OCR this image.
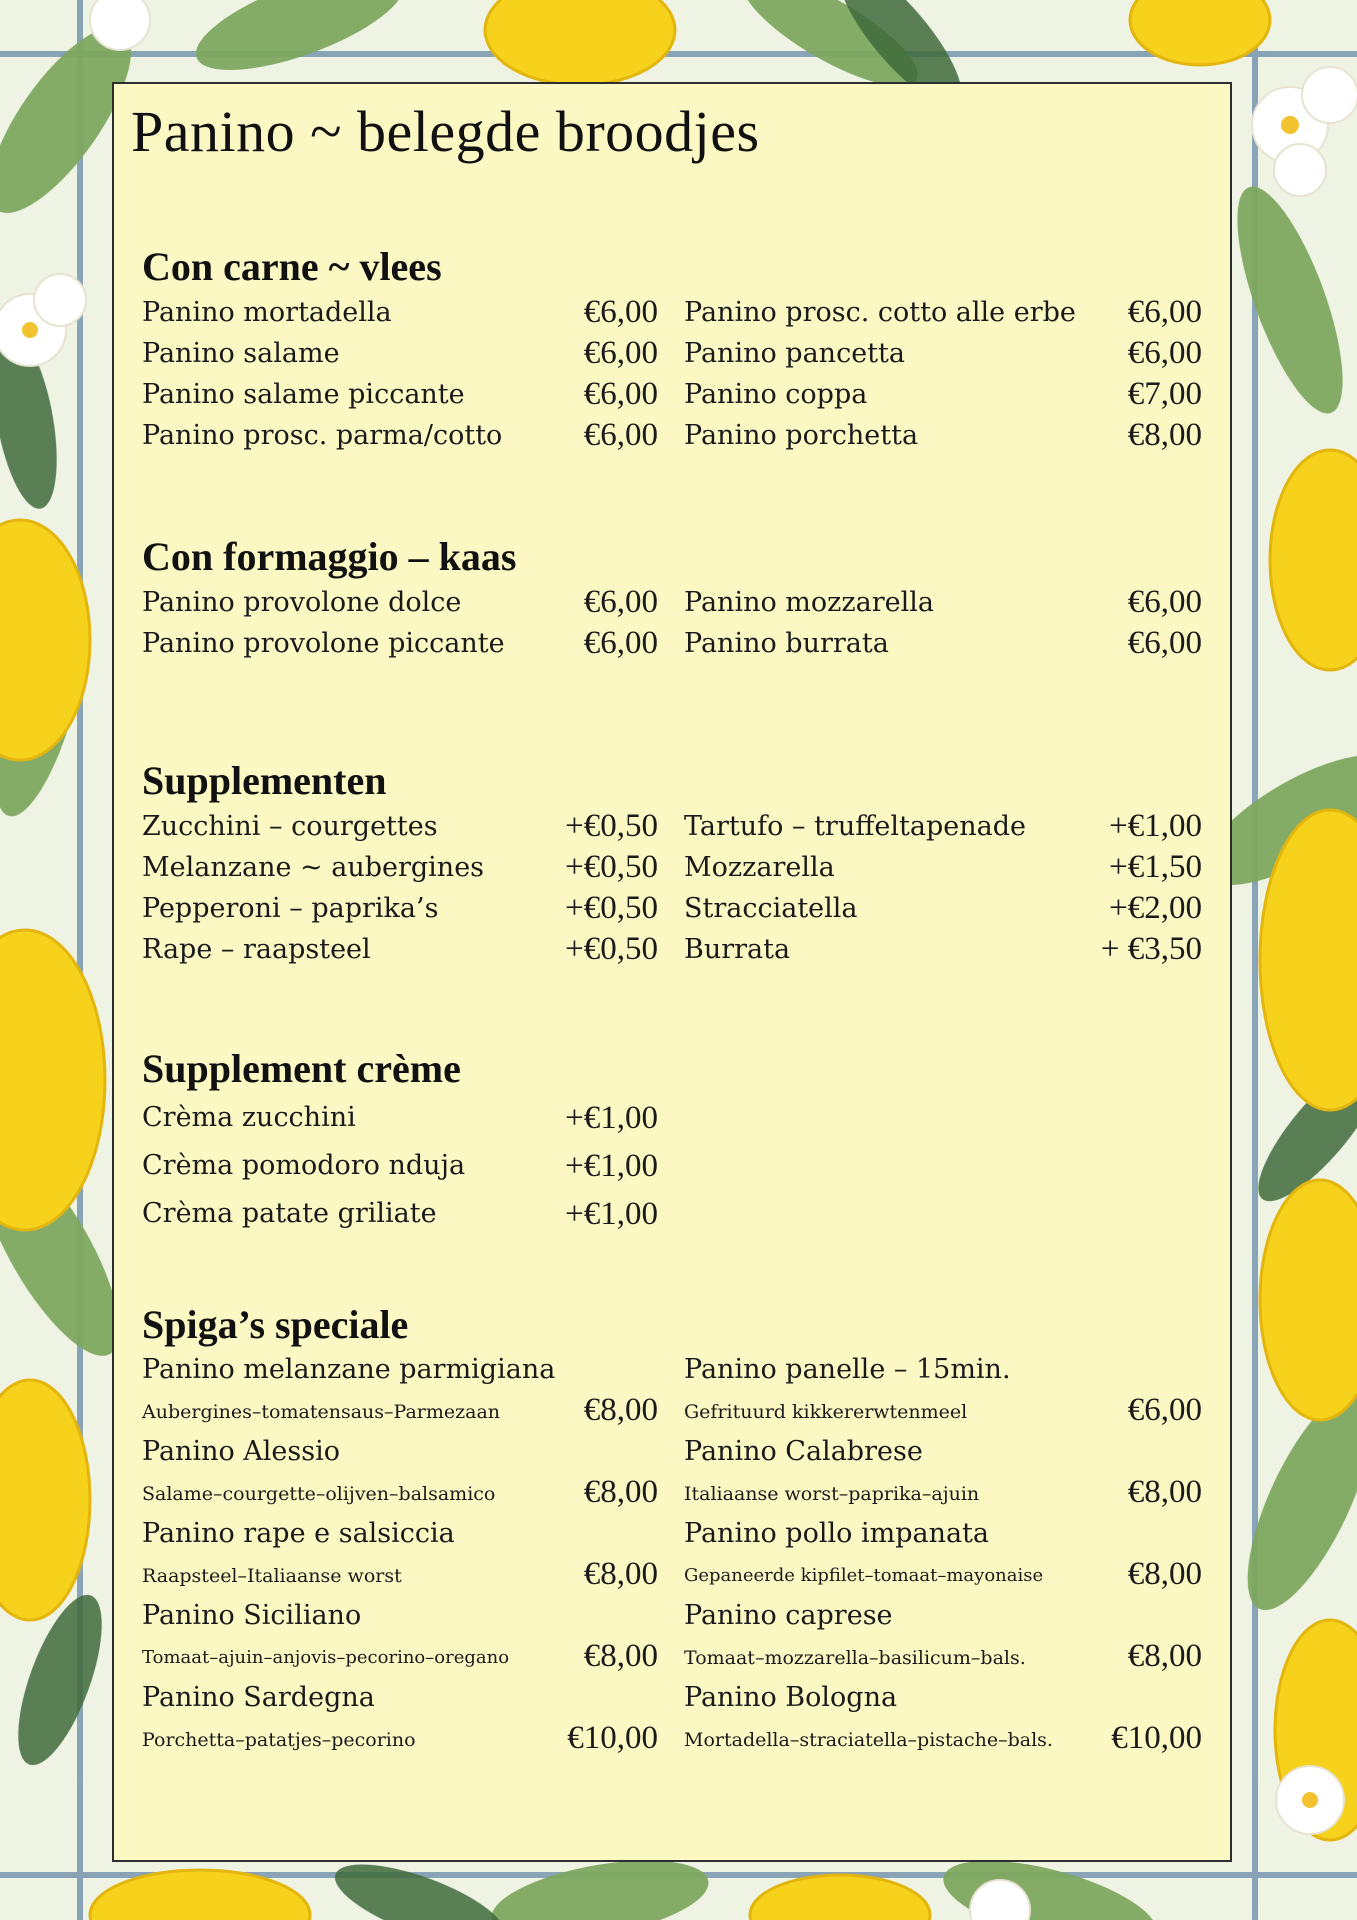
Panino ~ belegde broodjes
Con carne ~ vlees
Panino mortadella	€6,00
Panino salame	€6,00
Panino salame piccante	€6,00
Panino prosc. parma/cotto €6,00
Panino prosc. cotto alle erbe €6,00
Panino pancetta	€6,00
Panino coppa	€7,00
Panino porchetta	€8,00
Con formaggio – kaas
Panino provolone dolce	€6,00
Panino provolone piccante €6,00
Panino mozzarella	€6,00
Panino burrata	€6,00
Supplementen
Zucchini – courgettes	+€0,50
Melanzane ~ aubergines +€0,50
Pepperoni – paprika’s	+€0,50
Rape – raapsteel	+€0,50
Tartufo – truffeltapenade	+€1,00
Mozzarella	+€1,50
Stracciatella	+€2,00
Burrata	+ €3,50
Supplement crème
Crèma zucchini	+€1,00
Crèma pomodoro nduja	+€1,00
Crèma patate griliate	+€1,00
Spiga’s speciale
Panino melanzane parmigiana
Aubergines–tomatensaus–Parmezaan	€8,00
Panino Alessio
Salame–courgette–olijven–balsamico	€8,00
Panino rape e salsiccia
Raapsteel–Italiaanse worst	€8,00
Panino Siciliano
Tomaat–ajuin–anjovis–pecorino–oregano €8,00
Panino Sardegna
Porchetta–patatjes–pecorino	€10,00
Panino panelle – 15min.
Gefrituurd kikkererwtenmeel	€6,00
Panino Calabrese
Italiaanse worst–paprika–ajuin	€8,00
Panino pollo impanata
Gepaneerde kipfilet–tomaat–mayonaise	€8,00
Panino caprese
Tomaat–mozzarella–basilicum–bals.	€8,00
Panino Bologna
Mortadella–straciatella–pistache–bals. €10,00
